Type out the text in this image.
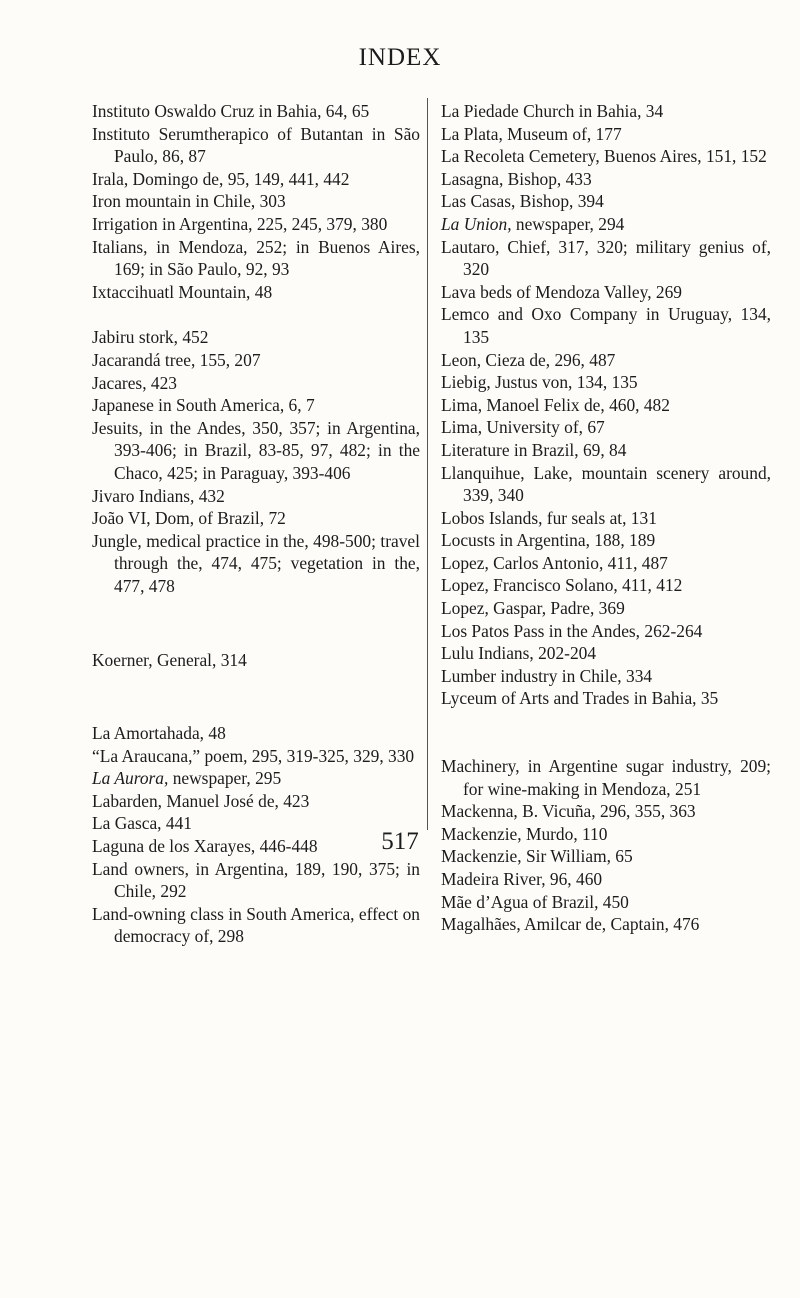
INDEX
Instituto Oswaldo Cruz in Bahia, 64, 65
Instituto Serumtherapico of Butantan in São Paulo, 86, 87
Irala, Domingo de, 95, 149, 441, 442
Iron mountain in Chile, 303
Irrigation in Argentina, 225, 245, 379, 380
Italians, in Mendoza, 252; in Buenos Aires, 169; in São Paulo, 92, 93
Ixtaccihuatl Mountain, 48
Jabiru stork, 452
Jacarandá tree, 155, 207
Jacares, 423
Japanese in South America, 6, 7
Jesuits, in the Andes, 350, 357; in Argentina, 393-406; in Brazil, 83-85, 97, 482; in the Chaco, 425; in Paraguay, 393-406
Jivaro Indians, 432
João VI, Dom, of Brazil, 72
Jungle, medical practice in the, 498-500; travel through the, 474, 475; vegetation in the, 477, 478
Koerner, General, 314
La Amortahada, 48
“La Araucana,” poem, 295, 319-325, 329, 330
La Aurora, newspaper, 295
Labarden, Manuel José de, 423
La Gasca, 441
Laguna de los Xarayes, 446-448
Land owners, in Argentina, 189, 190, 375; in Chile, 292
Land-owning class in South America, effect on democracy of, 298
La Piedade Church in Bahia, 34
La Plata, Museum of, 177
La Recoleta Cemetery, Buenos Aires, 151, 152
Lasagna, Bishop, 433
Las Casas, Bishop, 394
La Union, newspaper, 294
Lautaro, Chief, 317, 320; military genius of, 320
Lava beds of Mendoza Valley, 269
Lemco and Oxo Company in Uruguay, 134, 135
Leon, Cieza de, 296, 487
Liebig, Justus von, 134, 135
Lima, Manoel Felix de, 460, 482
Lima, University of, 67
Literature in Brazil, 69, 84
Llanquihue, Lake, mountain scenery around, 339, 340
Lobos Islands, fur seals at, 131
Locusts in Argentina, 188, 189
Lopez, Carlos Antonio, 411, 487
Lopez, Francisco Solano, 411, 412
Lopez, Gaspar, Padre, 369
Los Patos Pass in the Andes, 262-264
Lulu Indians, 202-204
Lumber industry in Chile, 334
Lyceum of Arts and Trades in Bahia, 35
Machinery, in Argentine sugar industry, 209; for wine-making in Mendoza, 251
Mackenna, B. Vicuña, 296, 355, 363
Mackenzie, Murdo, 110
Mackenzie, Sir William, 65
Madeira River, 96, 460
Mãe d’Agua of Brazil, 450
Magalhães, Amilcar de, Captain, 476
517
